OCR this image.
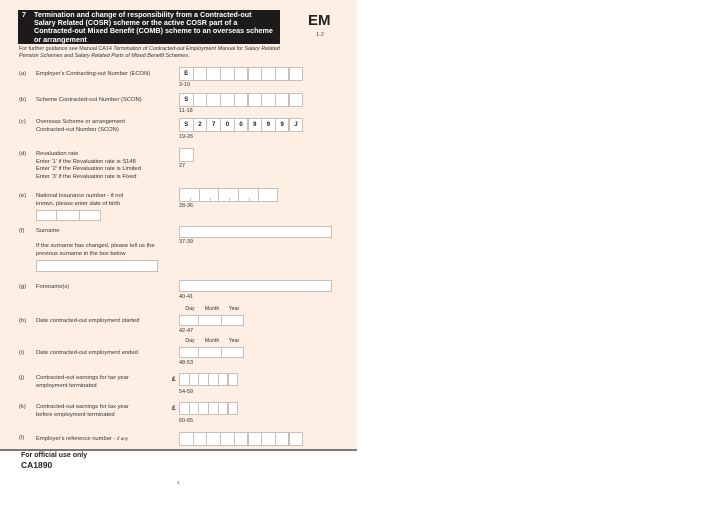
7 Termination and change of responsibility from a Contracted-out Salary Related (COSR) scheme or the active COSR part of a Contracted-out Mixed Benefit (COMB) scheme to an overseas scheme or arrangement
EM
1-2
For further guidance see Manual CA14 Termination of Contracted-out Employment Manual for Salary Related Pension Schemes and Salary Related Parts of Mixed Benefit Schemes.
(a) Employer's Contracting-out Number (ECON)	E
3-10
(b) Scheme Contracted-out Number (SCON)	S
11-18
(c) Overseas Scheme or arrangement
Contracted-out Number (SCON)
S	2	7	0	0	9	9	9	J
19-26
(d) Revaluation rate
Enter '1' if the Revaluation rate is S148
Enter '2' if the Revaluation rate is Limited
Enter '3' if the Revaluation rate is Fixed
27
(e) National Insurance number - if not
known, please enter date of birth	28-36
(f) Surname
If the surname has changed, please tell us the
previous surname in the box below
37-39
(g) Forename(s)
40-41
Day	Month	Year
(h) Date contracted-out employment started
42-47
Day	Month	Year
(i) Date contracted-out employment ended
48-53
(j) Contracted-out earnings for tax year
employment terminated
£
54-59
(k) Contracted-out earnings for tax year
before employment terminated
£
60-65
(l) Employer's reference number - if any
For official use only
CA1890
4
